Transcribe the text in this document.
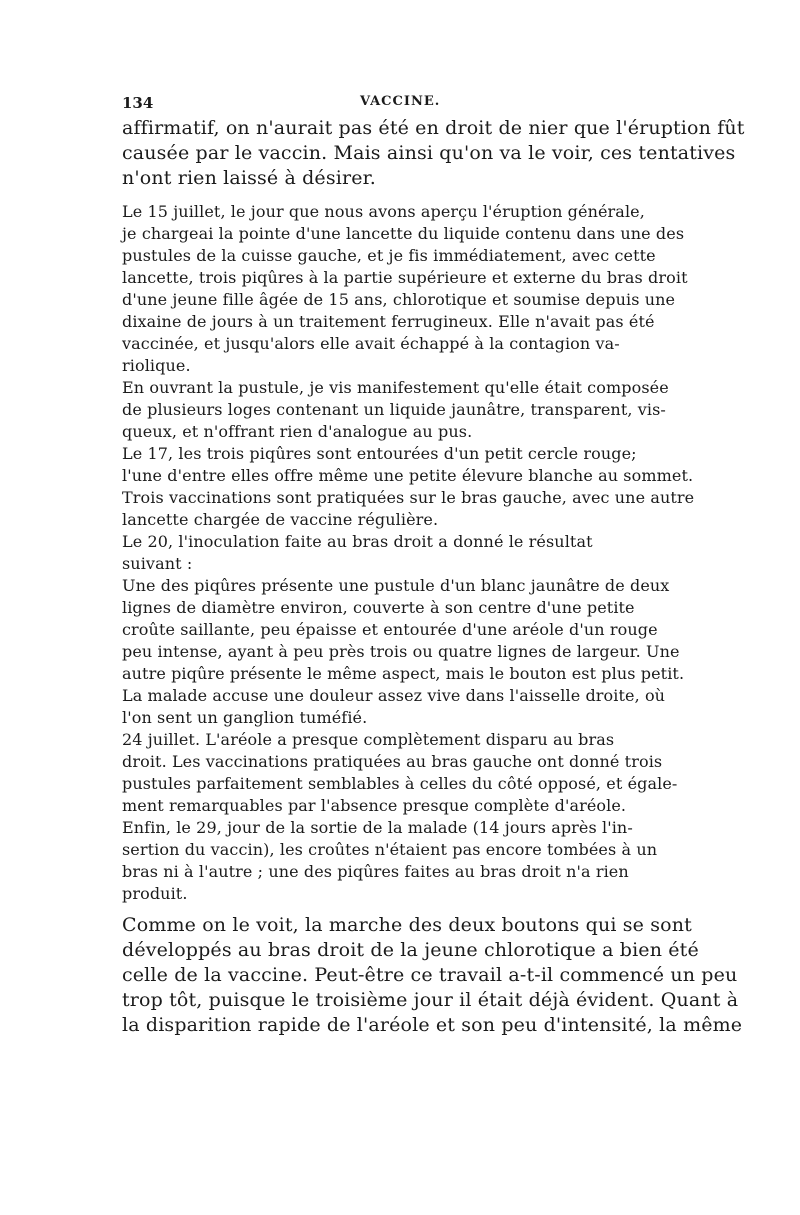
134	VACCINE.
affirmatif, on n'aurait pas été en droit de nier que l'éruption fût
causée par le vaccin. Mais ainsi qu'on va le voir, ces tentatives
n'ont rien laissé à désirer.
Le 15 juillet, le jour que nous avons aperçu l'éruption générale,
je chargeai la pointe d'une lancette du liquide contenu dans une des
pustules de la cuisse gauche, et je fis immédiatement, avec cette
lancette, trois piqûres à la partie supérieure et externe du bras droit
d'une jeune fille âgée de 15 ans, chlorotique et soumise depuis une
dixaine de jours à un traitement ferrugineux. Elle n'avait pas été
vaccinée, et jusqu'alors elle avait échappé à la contagion va-
riolique.
En ouvrant la pustule, je vis manifestement qu'elle était composée
de plusieurs loges contenant un liquide jaunâtre, transparent, vis-
queux, et n'offrant rien d'analogue au pus.
Le 17, les trois piqûres sont entourées d'un petit cercle rouge;
l'une d'entre elles offre même une petite élevure blanche au sommet.
Trois vaccinations sont pratiquées sur le bras gauche, avec une autre
lancette chargée de vaccine régulière.
Le 20, l'inoculation faite au bras droit a donné le résultat
suivant :
Une des piqûres présente une pustule d'un blanc jaunâtre de deux
lignes de diamètre environ, couverte à son centre d'une petite
croûte saillante, peu épaisse et entourée d'une aréole d'un rouge
peu intense, ayant à peu près trois ou quatre lignes de largeur. Une
autre piqûre présente le même aspect, mais le bouton est plus petit.
La malade accuse une douleur assez vive dans l'aisselle droite, où
l'on sent un ganglion tuméfié.
24 juillet. L'aréole a presque complètement disparu au bras
droit. Les vaccinations pratiquées au bras gauche ont donné trois
pustules parfaitement semblables à celles du côté opposé, et égale-
ment remarquables par l'absence presque complète d'aréole.
Enfin, le 29, jour de la sortie de la malade (14 jours après l'in-
sertion du vaccin), les croûtes n'étaient pas encore tombées à un
bras ni à l'autre ; une des piqûres faites au bras droit n'a rien
produit.
Comme on le voit, la marche des deux boutons qui se sont
développés au bras droit de la jeune chlorotique a bien été
celle de la vaccine. Peut-être ce travail a-t-il commencé un peu
trop tôt, puisque le troisième jour il était déjà évident. Quant à
la disparition rapide de l'aréole et son peu d'intensité, la même
